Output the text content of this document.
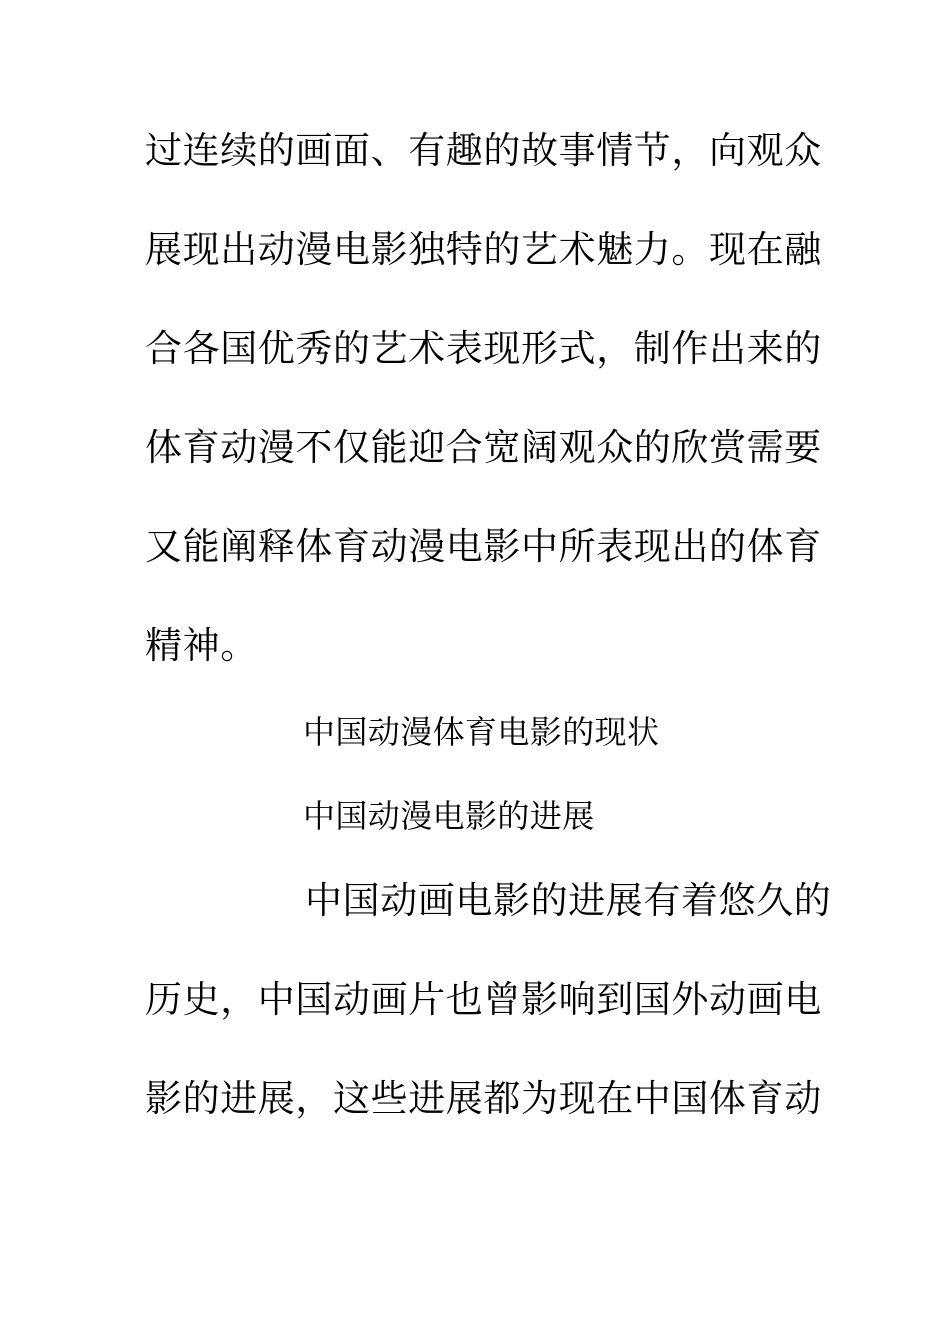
过连续的画面、有趣的故事情节，向观众
展现出动漫电影独特的艺术魅力。现在融
合各国优秀的艺术表现形式，制作出来的
体育动漫不仅能迎合宽阔观众的欣赏需要
又能阐释体育动漫电影中所表现出的体育
精神。
中国动漫体育电影的现状
中国动漫电影的进展
中国动画电影的进展有着悠久的
历史，中国动画片也曾影响到国外动画电
影的进展，这些进展都为现在中国体育动
